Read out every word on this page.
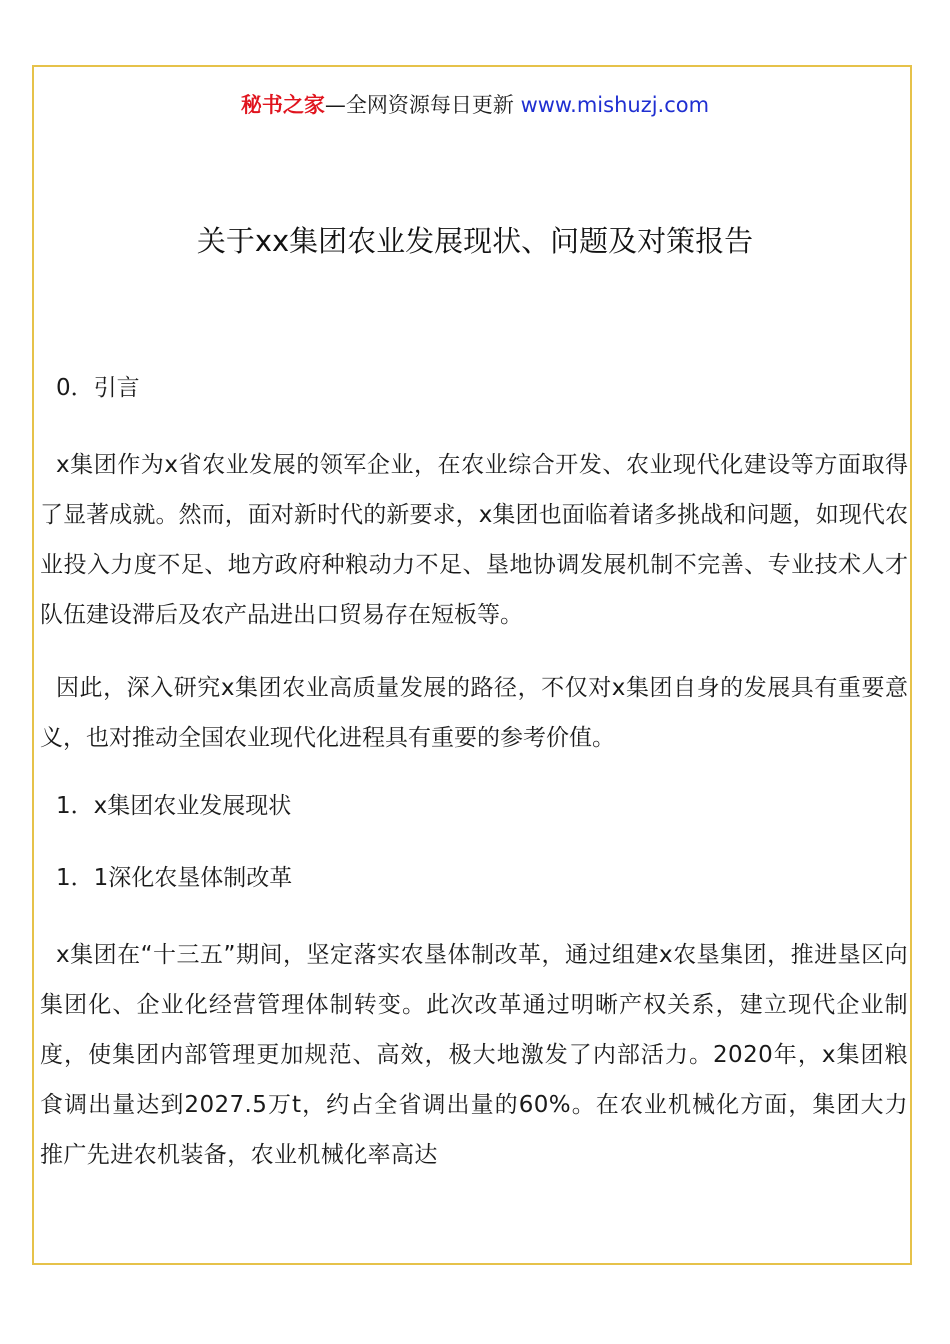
秘书之家—全网资源每日更新 www.mishuzj.com
关于xx集团农业发展现状、问题及对策报告
0．引言

x集团作为x省农业发展的领军企业，在农业综合开发、农业现代化建设等方面取得了显著成就。然而，面对新时代的新要求，x集团也面临着诸多挑战和问题，如现代农业投入力度不足、地方政府种粮动力不足、垦地协调发展机制不完善、专业技术人才队伍建设滞后及农产品进出口贸易存在短板等。

因此，深入研究x集团农业高质量发展的路径，不仅对x集团自身的发展具有重要意义，也对推动全国农业现代化进程具有重要的参考价值。

1．x集团农业发展现状
1．1深化农垦体制改革

x集团在“十三五”期间，坚定落实农垦体制改革，通过组建x农垦集团，推进垦区向集团化、企业化经营管理体制转变。此次改革通过明晰产权关系，建立现代企业制度，使集团内部管理更加规范、高效，极大地激发了内部活力。2020年，x集团粮食调出量达到2027.5万t，约占全省调出量的60%。在农业机械化方面，集团大力推广先进农机装备，农业机械化率高达
